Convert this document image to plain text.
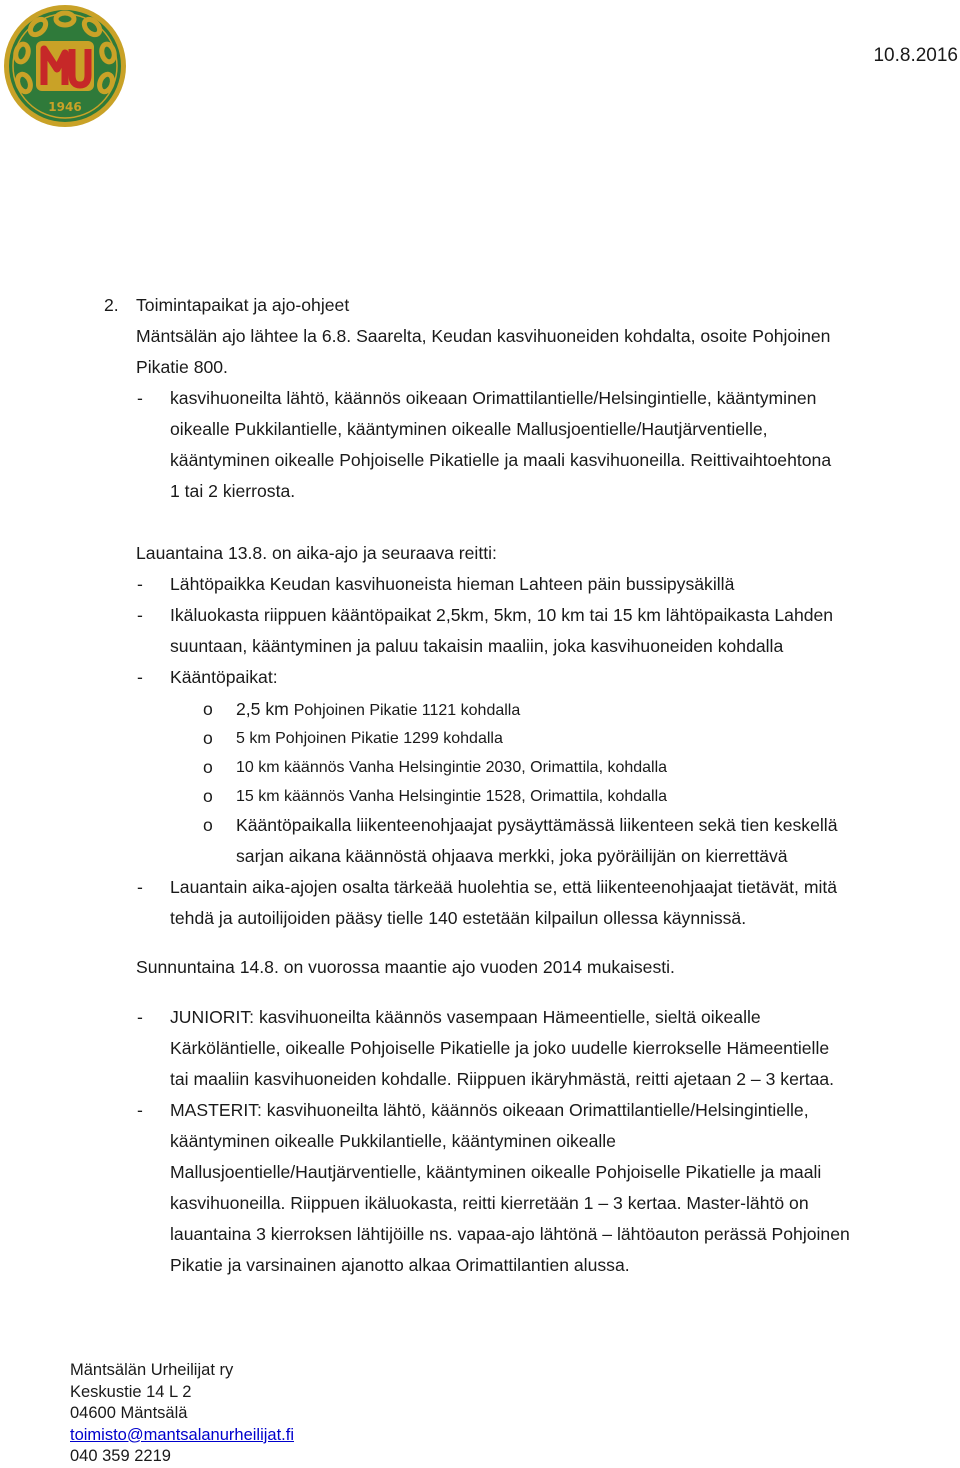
1946
10.8.2016
2. Toimintapaikat ja ajo-ohjeet
Mäntsälän ajo lähtee la 6.8. Saarelta, Keudan kasvihuoneiden kohdalta, osoite Pohjoinen
Pikatie 800.
- kasvihuoneilta lähtö, käännös oikeaan Orimattilantielle/Helsingintielle, kääntyminen
oikealle Pukkilantielle, kääntyminen oikealle Mallusjoentielle/Hautjärventielle,
kääntyminen oikealle Pohjoiselle Pikatielle ja maali kasvihuoneilla. Reittivaihtoehtona
1 tai 2 kierrosta.
Lauantaina 13.8. on aika-ajo ja seuraava reitti:
- Lähtöpaikka Keudan kasvihuoneista hieman Lahteen päin bussipysäkillä
- Ikäluokasta riippuen kääntöpaikat 2,5km, 5km, 10 km tai 15 km lähtöpaikasta Lahden
suuntaan, kääntyminen ja paluu takaisin maaliin, joka kasvihuoneiden kohdalla
- Kääntöpaikat:
o 2,5 km Pohjoinen Pikatie 1121 kohdalla
o 5 km Pohjoinen Pikatie 1299 kohdalla
o 10 km käännös Vanha Helsingintie 2030, Orimattila, kohdalla
o 15 km käännös Vanha Helsingintie 1528, Orimattila, kohdalla
o Kääntöpaikalla liikenteenohjaajat pysäyttämässä liikenteen sekä tien keskellä
sarjan aikana käännöstä ohjaava merkki, joka pyöräilijän on kierrettävä
- Lauantain aika-ajojen osalta tärkeää huolehtia se, että liikenteenohjaajat tietävät, mitä
tehdä ja autoilijoiden pääsy tielle 140 estetään kilpailun ollessa käynnissä.
Sunnuntaina 14.8. on vuorossa maantie ajo vuoden 2014 mukaisesti.
- JUNIORIT: kasvihuoneilta käännös vasempaan Hämeentielle, sieltä oikealle
Kärköläntielle, oikealle Pohjoiselle Pikatielle ja joko uudelle kierrokselle Hämeentielle
tai maaliin kasvihuoneiden kohdalle. Riippuen ikäryhmästä, reitti ajetaan 2 – 3 kertaa.
- MASTERIT: kasvihuoneilta lähtö, käännös oikeaan Orimattilantielle/Helsingintielle,
kääntyminen oikealle Pukkilantielle, kääntyminen oikealle
Mallusjoentielle/Hautjärventielle, kääntyminen oikealle Pohjoiselle Pikatielle ja maali
kasvihuoneilla. Riippuen ikäluokasta, reitti kierretään 1 – 3 kertaa. Master-lähtö on
lauantaina 3 kierroksen lähtijöille ns. vapaa-ajo lähtönä – lähtöauton perässä Pohjoinen
Pikatie ja varsinainen ajanotto alkaa Orimattilantien alussa.
Mäntsälän Urheilijat ry
Keskustie 14 L 2
04600 Mäntsälä
toimisto@mantsalanurheilijat.fi
040 359 2219
